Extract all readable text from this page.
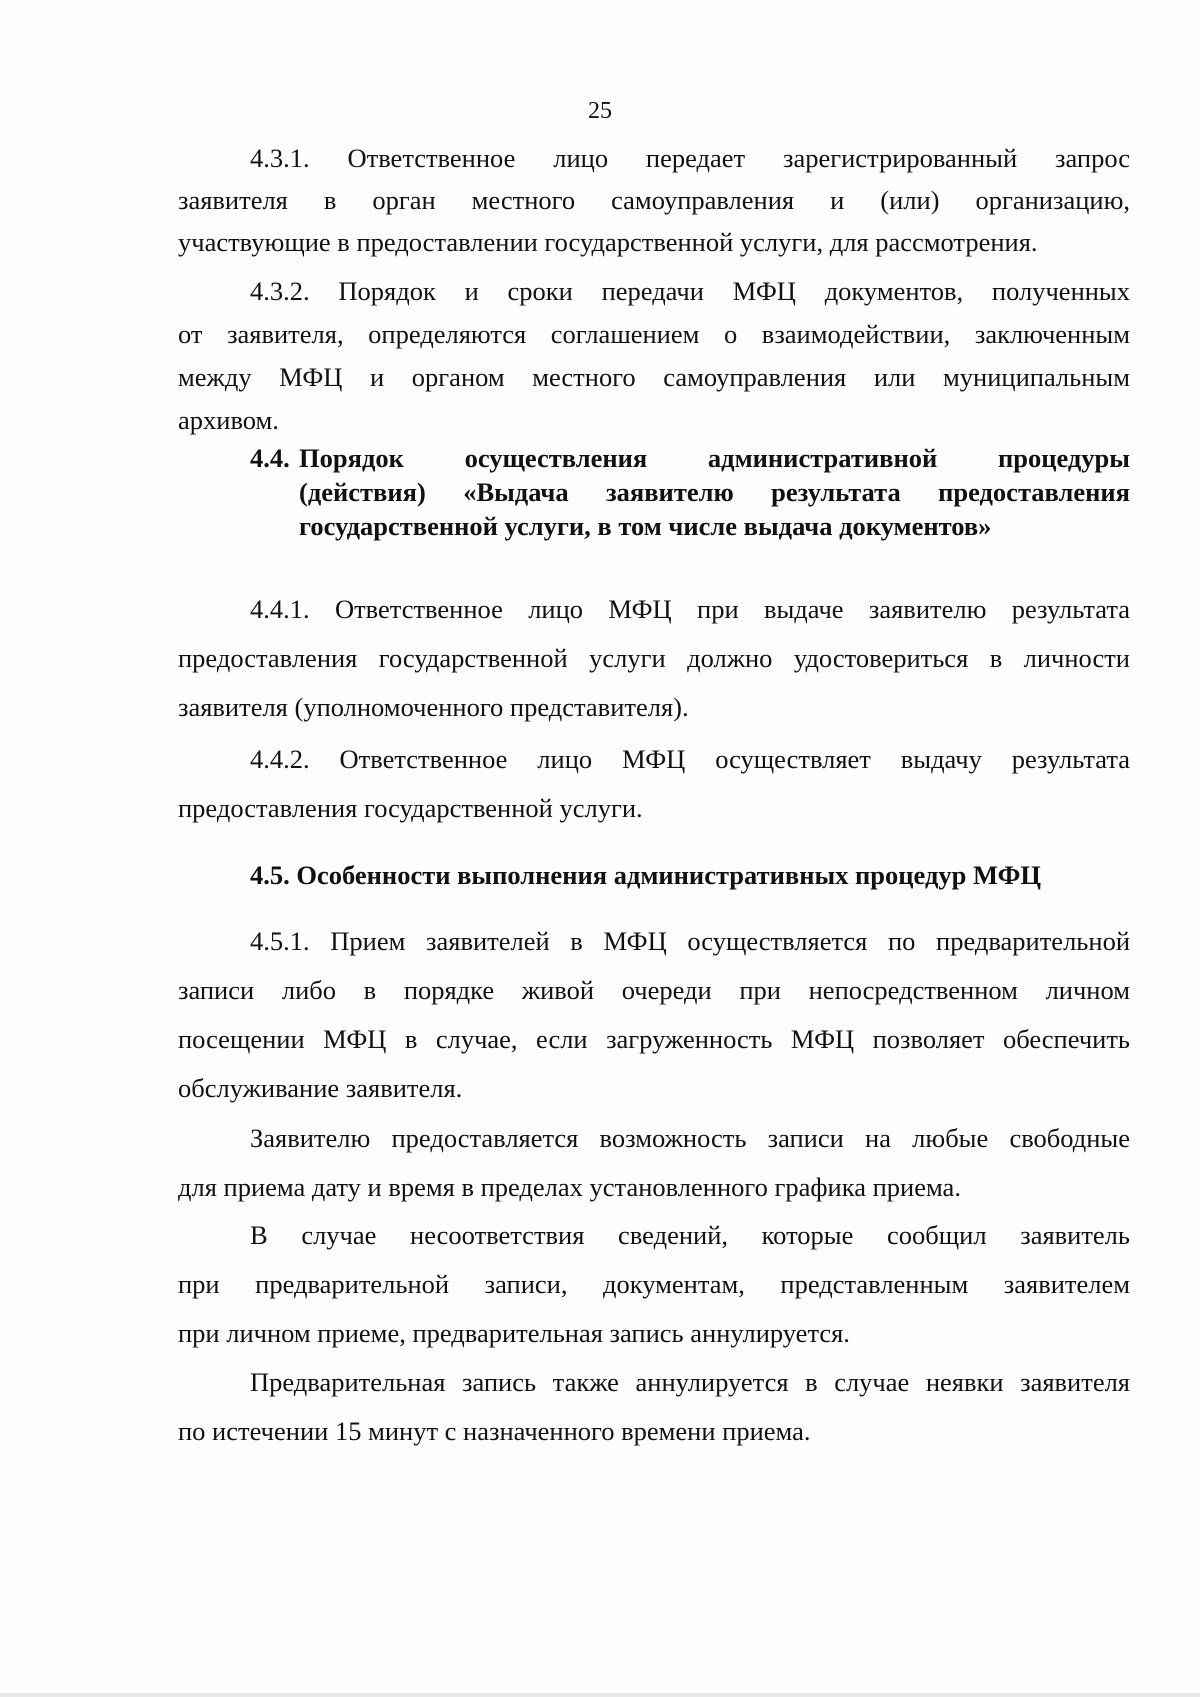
25
4.3.1. Ответственное лицо передает зарегистрированный запрос
заявителя в орган местного самоуправления и (или) организацию,
участвующие в предоставлении государственной услуги, для рассмотрения.
4.3.2. Порядок и сроки передачи МФЦ документов, полученных
от заявителя, определяются соглашением о взаимодействии, заключенным
между МФЦ и органом местного самоуправления или муниципальным
архивом.
4.4. Порядок осуществления административной процедуры
(действия) «Выдача заявителю результата предоставления
государственной услуги, в том числе выдача документов»
4.4.1. Ответственное лицо МФЦ при выдаче заявителю результата
предоставления государственной услуги должно удостовериться в личности
заявителя (уполномоченного представителя).
4.4.2. Ответственное лицо МФЦ осуществляет выдачу результата
предоставления государственной услуги.
4.5. Особенности выполнения административных процедур МФЦ
4.5.1. Прием заявителей в МФЦ осуществляется по предварительной
записи либо в порядке живой очереди при непосредственном личном
посещении МФЦ в случае, если загруженность МФЦ позволяет обеспечить
обслуживание заявителя.
Заявителю предоставляется возможность записи на любые свободные
для приема дату и время в пределах установленного графика приема.
В случае несоответствия сведений, которые сообщил заявитель
при предварительной записи, документам, представленным заявителем
при личном приеме, предварительная запись аннулируется.
Предварительная запись также аннулируется в случае неявки заявителя
по истечении 15 минут с назначенного времени приема.
